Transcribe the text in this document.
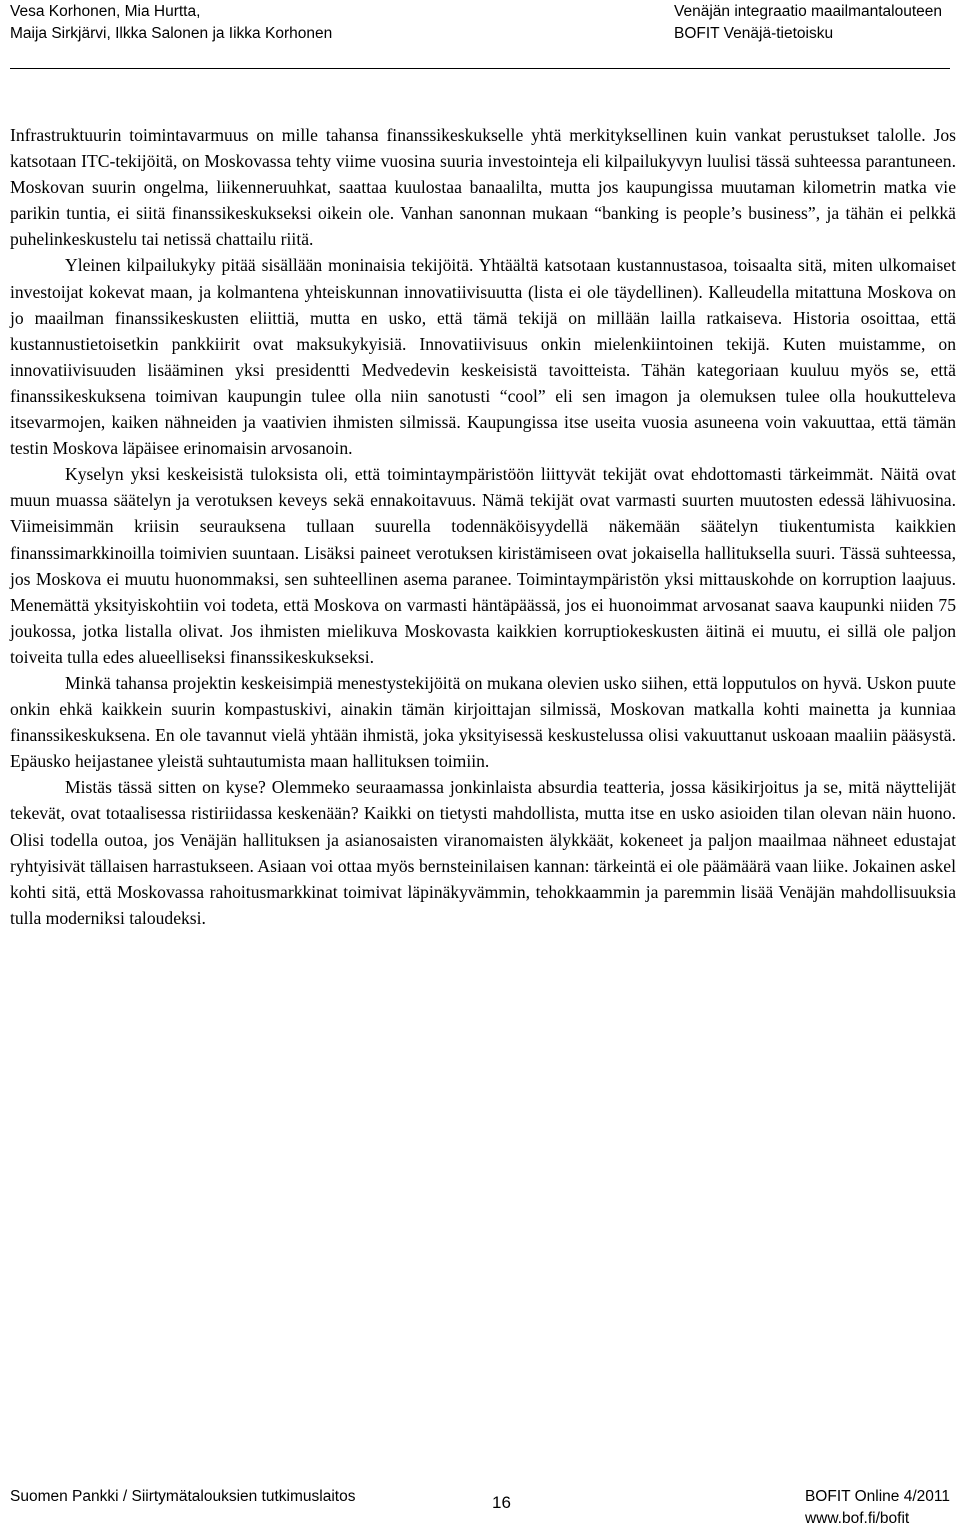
Vesa Korhonen, Mia Hurtta,
Maija Sirkjärvi, Ilkka Salonen ja Iikka Korhonen
Venäjän integraatio maailmantalouteen
BOFIT Venäjä-tietoisku

Infrastruktuurin toimintavarmuus on mille tahansa finanssikeskukselle yhtä merkityksellinen kuin vankat perustukset talolle. Jos katsotaan ITC-tekijöitä, on Moskovassa tehty viime vuosina suuria investointeja eli kilpailukyvyn luulisi tässä suhteessa parantuneen. Moskovan suurin ongelma, liikenneruuhkat, saattaa kuulostaa banaalilta, mutta jos kaupungissa muutaman kilometrin matka vie parikin tuntia, ei siitä finanssikeskukseksi oikein ole. Vanhan sanonnan mukaan “banking is people’s business”, ja tähän ei pelkkä puhelinkeskustelu tai netissä chattailu riitä.

Yleinen kilpailukyky pitää sisällään moninaisia tekijöitä. Yhtäältä katsotaan kustannustasoa, toisaalta sitä, miten ulkomaiset investoijat kokevat maan, ja kolmantena yhteiskunnan innovatiivisuutta (lista ei ole täydellinen). Kalleudella mitattuna Moskova on jo maailman finanssikeskusten eliittiä, mutta en usko, että tämä tekijä on millään lailla ratkaiseva. Historia osoittaa, että kustannustietoisetkin pankkiirit ovat maksukykyisiä. Innovatiivisuus onkin mielenkiintoinen tekijä. Kuten muistamme, on innovatiivisuuden lisääminen yksi presidentti Medvedevin keskeisistä tavoitteista. Tähän kategoriaan kuuluu myös se, että finanssikeskuksena toimivan kaupungin tulee olla niin sanotusti “cool” eli sen imagon ja olemuksen tulee olla houkutteleva itsevarmojen, kaiken nähneiden ja vaativien ihmisten silmissä. Kaupungissa itse useita vuosia asuneena voin vakuuttaa, että tämän testin Moskova läpäisee erinomaisin arvosanoin.

Kyselyn yksi keskeisistä tuloksista oli, että toimintaympäristöön liittyvät tekijät ovat ehdottomasti tärkeimmät. Näitä ovat muun muassa säätelyn ja verotuksen keveys sekä ennakoitavuus. Nämä tekijät ovat varmasti suurten muutosten edessä lähivuosina. Viimeisimmän kriisin seurauksena tullaan suurella todennäköisyydellä näkemään säätelyn tiukentumista kaikkien finanssimarkkinoilla toimivien suuntaan. Lisäksi paineet verotuksen kiristämiseen ovat jokaisella hallituksella suuri. Tässä suhteessa, jos Moskova ei muutu huonommaksi, sen suhteellinen asema paranee. Toimintaympäristön yksi mittauskohde on korruption laajuus. Menemättä yksityiskohtiin voi todeta, että Moskova on varmasti häntäpäässä, jos ei huonoimmat arvosanat saava kaupunki niiden 75 joukossa, jotka listalla olivat. Jos ihmisten mielikuva Moskovasta kaikkien korruptiokeskusten äitinä ei muutu, ei sillä ole paljon toiveita tulla edes alueelliseksi finanssikeskukseksi.

Minkä tahansa projektin keskeisimpiä menestystekijöitä on mukana olevien usko siihen, että lopputulos on hyvä. Uskon puute onkin ehkä kaikkein suurin kompastuskivi, ainakin tämän kirjoittajan silmissä, Moskovan matkalla kohti mainetta ja kunniaa finanssikeskuksena. En ole tavannut vielä yhtään ihmistä, joka yksityisessä keskustelussa olisi vakuuttanut uskoaan maaliin pääsystä. Epäusko heijastanee yleistä suhtautumista maan hallituksen toimiin.

Mistäs tässä sitten on kyse? Olemmeko seuraamassa jonkinlaista absurdia teatteria, jossa käsikirjoitus ja se, mitä näyttelijät tekevät, ovat totaalisessa ristiriidassa keskenään? Kaikki on tietysti mahdollista, mutta itse en usko asioiden tilan olevan näin huono. Olisi todella outoa, jos Venäjän hallituksen ja asianosaisten viranomaisten älykkäät, kokeneet ja paljon maailmaa nähneet edustajat ryhtyisivät tällaisen harrastukseen. Asiaan voi ottaa myös bernsteinilaisen kannan: tärkeintä ei ole päämäärä vaan liike. Jokainen askel kohti sitä, että Moskovassa rahoitusmarkkinat toimivat läpinäkyvämmin, tehokkaammin ja paremmin lisää Venäjän mahdollisuuksia tulla moderniksi taloudeksi.

Suomen Pankki / Siirtymätalouksien tutkimuslaitos	16	BOFIT Online 4/2011
www.bof.fi/bofit
